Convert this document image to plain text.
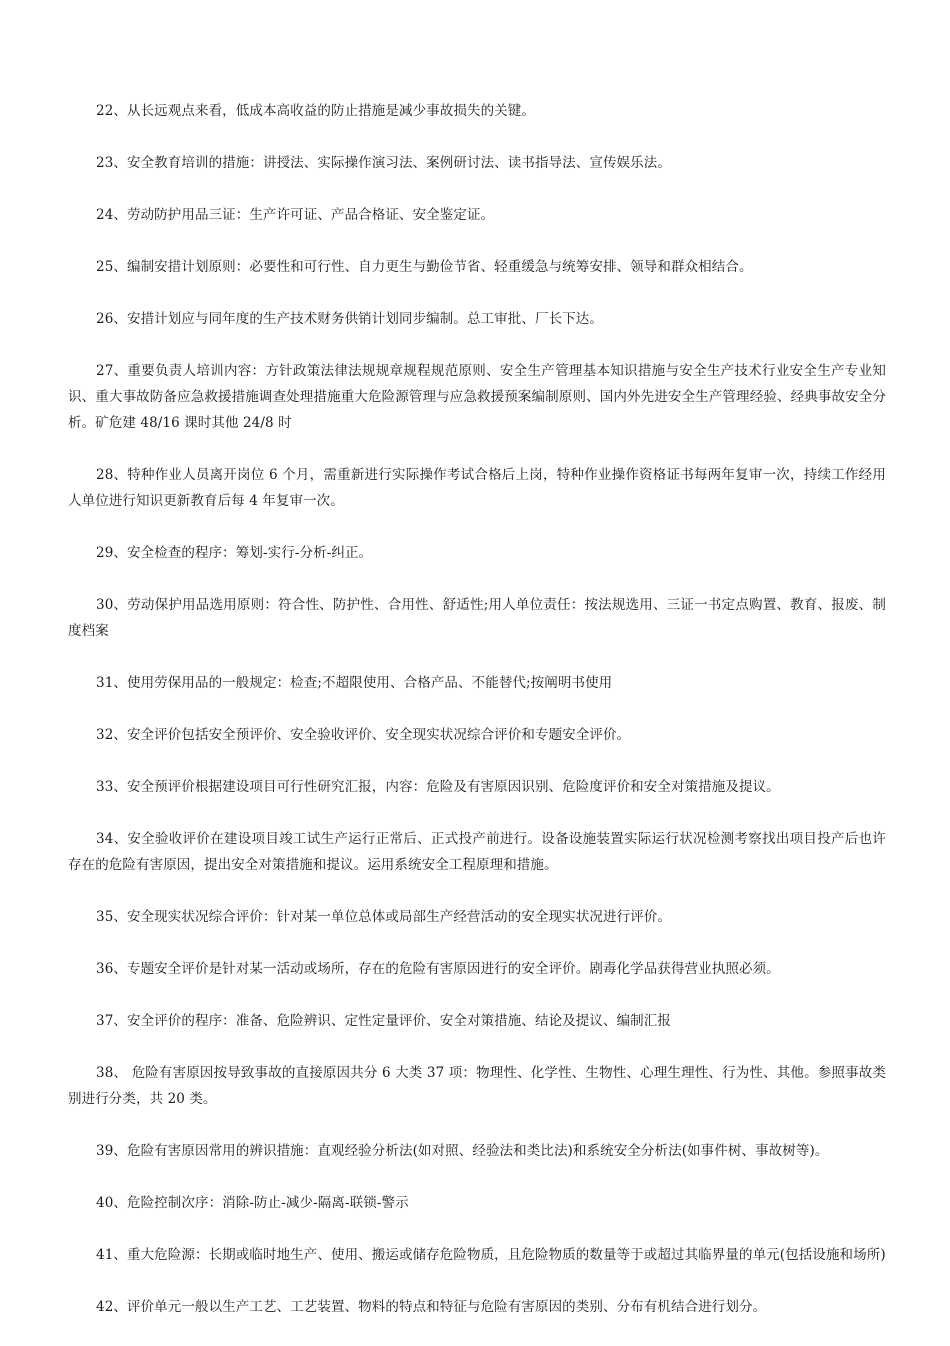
22、从长远观点来看，低成本高收益的防止措施是减少事故损失的关键。

23、安全教育培训的措施：讲授法、实际操作演习法、案例研讨法、读书指导法、宣传娱乐法。

24、劳动防护用品三证：生产许可证、产品合格证、安全鉴定证。

25、编制安措计划原则：必要性和可行性、自力更生与勤俭节省、轻重缓急与统筹安排、领导和群众相结合。

26、安措计划应与同年度的生产技术财务供销计划同步编制。总工审批、厂长下达。

27、重要负责人培训内容：方针政策法律法规规章规程规范原则、安全生产管理基本知识措施与安全生产技术行业安全生产专业知识、重大事故防备应急救援措施调查处理措施重大危险源管理与应急救援预案编制原则、国内外先进安全生产管理经验、经典事故安全分析。矿危建 48/16 课时其他 24/8 时

28、特种作业人员离开岗位 6 个月，需重新进行实际操作考试合格后上岗，特种作业操作资格证书每两年复审一次，持续工作经用人单位进行知识更新教育后每 4 年复审一次。

29、安全检查的程序：筹划-实行-分析-纠正。

30、劳动保护用品选用原则：符合性、防护性、合用性、舒适性;用人单位责任：按法规选用、三证一书定点购置、教育、报废、制度档案

31、使用劳保用品的一般规定：检查;不超限使用、合格产品、不能替代;按阐明书使用

32、安全评价包括安全预评价、安全验收评价、安全现实状况综合评价和专题安全评价。

33、安全预评价根据建设项目可行性研究汇报，内容：危险及有害原因识别、危险度评价和安全对策措施及提议。

34、安全验收评价在建设项目竣工试生产运行正常后、正式投产前进行。设备设施装置实际运行状况检测考察找出项目投产后也许存在的危险有害原因，提出安全对策措施和提议。运用系统安全工程原理和措施。

35、安全现实状况综合评价：针对某一单位总体或局部生产经营活动的安全现实状况进行评价。

36、专题安全评价是针对某一活动或场所，存在的危险有害原因进行的安全评价。剧毒化学品获得营业执照必须。

37、安全评价的程序：准备、危险辨识、定性定量评价、安全对策措施、结论及提议、编制汇报

38、 危险有害原因按导致事故的直接原因共分 6 大类 37 项：物理性、化学性、生物性、心理生理性、行为性、其他。参照事故类别进行分类，共 20 类。

39、危险有害原因常用的辨识措施：直观经验分析法(如对照、经验法和类比法)和系统安全分析法(如事件树、事故树等)。

40、危险控制次序：消除-防止-减少-隔离-联锁-警示

41、重大危险源：长期或临时地生产、使用、搬运或储存危险物质，且危险物质的数量等于或超过其临界量的单元(包括设施和场所)

42、评价单元一般以生产工艺、工艺装置、物料的特点和特征与危险有害原因的类别、分布有机结合进行划分。
